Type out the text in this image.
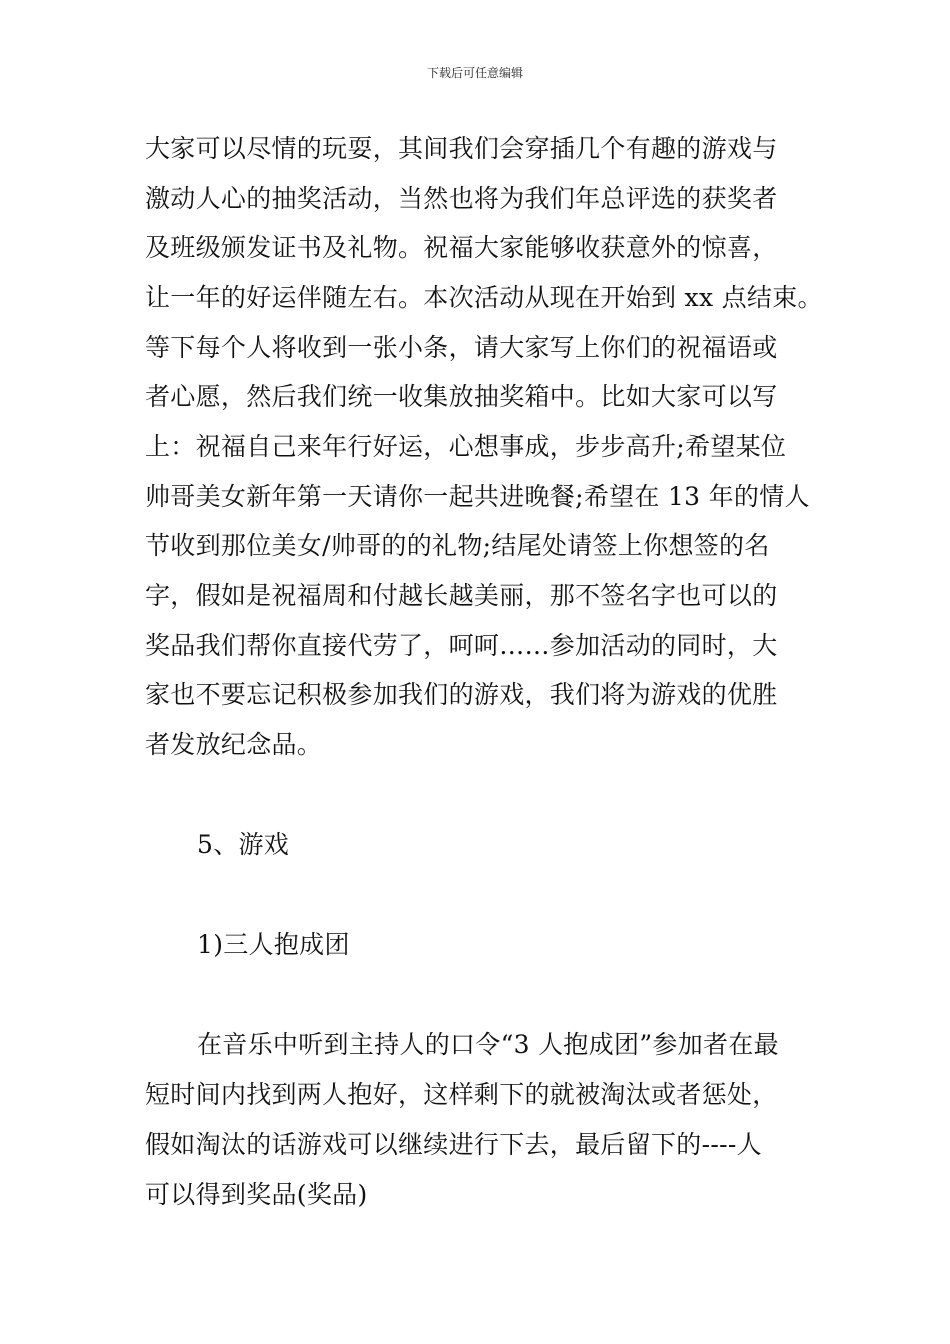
下载后可任意编辑
大家可以尽情的玩耍，其间我们会穿插几个有趣的游戏与
激动人心的抽奖活动，当然也将为我们年总评选的获奖者
及班级颁发证书及礼物。祝福大家能够收获意外的惊喜，
让一年的好运伴随左右。本次活动从现在开始到 xx 点结束。
等下每个人将收到一张小条，请大家写上你们的祝福语或
者心愿，然后我们统一收集放抽奖箱中。比如大家可以写
上：祝福自己来年行好运，心想事成，步步高升;希望某位
帅哥美女新年第一天请你一起共进晚餐;希望在 13 年的情人
节收到那位美女/帅哥的的礼物;结尾处请签上你想签的名
字，假如是祝福周和付越长越美丽，那不签名字也可以的
奖品我们帮你直接代劳了，呵呵……参加活动的同时，大
家也不要忘记积极参加我们的游戏，我们将为游戏的优胜
者发放纪念品。
5、游戏
1)三人抱成团
在音乐中听到主持人的口令“3 人抱成团”参加者在最
短时间内找到两人抱好，这样剩下的就被淘汰或者惩处，
假如淘汰的话游戏可以继续进行下去，最后留下的----人
可以得到奖品(奖品)
